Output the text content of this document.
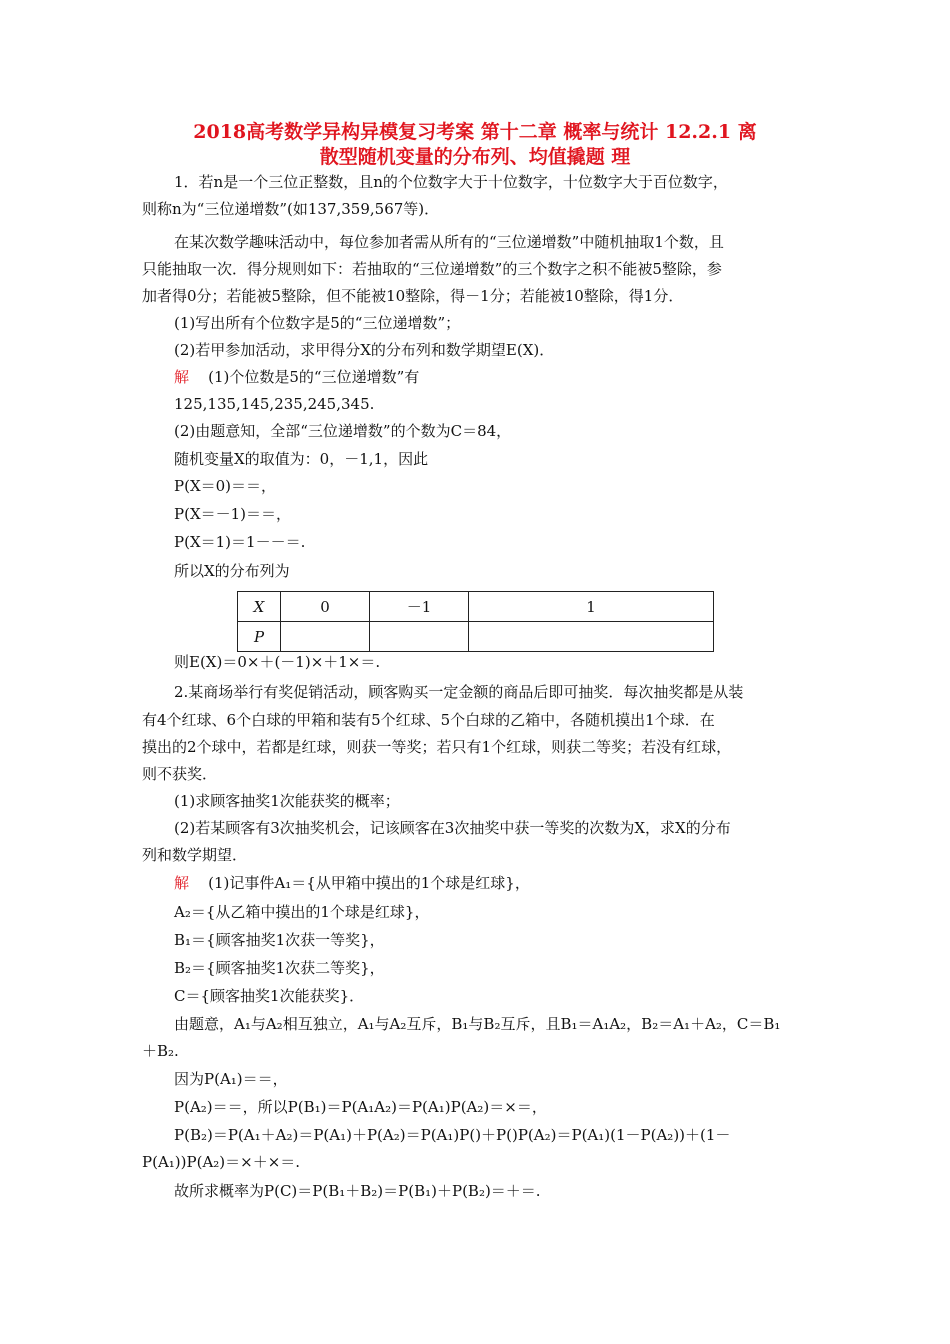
2018高考数学异构异模复习考案 第十二章 概率与统计 12.2.1 离
散型随机变量的分布列、均值撬题 理
1．若n是一个三位正整数，且n的个位数字大于十位数字，十位数字大于百位数字，
则称n为“三位递增数”(如137,359,567等)．
在某次数学趣味活动中，每位参加者需从所有的“三位递增数”中随机抽取1个数，且
只能抽取一次．得分规则如下：若抽取的“三位递增数”的三个数字之积不能被5整除，参
加者得0分；若能被5整除，但不能被10整除，得－1分；若能被10整除，得1分．
(1)写出所有个位数字是5的“三位递增数”；
(2)若甲参加活动，求甲得分X的分布列和数学期望E(X)．
解 (1)个位数是5的“三位递增数”有
125,135,145,235,245,345.
(2)由题意知，全部“三位递增数”的个数为C＝84，
随机变量X的取值为：0，－1,1，因此
P(X＝0)＝＝，
P(X＝－1)＝＝，
P(X＝1)＝1－－＝.
所以X的分布列为
X	0	－1	1
P			
则E(X)＝0×＋(－1)×＋1×＝.
2.某商场举行有奖促销活动，顾客购买一定金额的商品后即可抽奖．每次抽奖都是从装
有4个红球、6个白球的甲箱和装有5个红球、5个白球的乙箱中，各随机摸出1个球．在
摸出的2个球中，若都是红球，则获一等奖；若只有1个红球，则获二等奖；若没有红球，
则不获奖．
(1)求顾客抽奖1次能获奖的概率；
(2)若某顾客有3次抽奖机会，记该顾客在3次抽奖中获一等奖的次数为X，求X的分布
列和数学期望．
解 (1)记事件A₁＝{从甲箱中摸出的1个球是红球}，
A₂＝{从乙箱中摸出的1个球是红球}，
B₁＝{顾客抽奖1次获一等奖}，
B₂＝{顾客抽奖1次获二等奖}，
C＝{顾客抽奖1次能获奖}．
由题意，A₁与A₂相互独立，A₁与A₂互斥，B₁与B₂互斥，且B₁＝A₁A₂，B₂＝A₁＋A₂，C＝B₁
＋B₂.
因为P(A₁)＝＝，
P(A₂)＝＝，所以P(B₁)＝P(A₁A₂)＝P(A₁)P(A₂)＝×＝，
P(B₂)＝P(A₁＋A₂)＝P(A₁)＋P(A₂)＝P(A₁)P()＋P()P(A₂)＝P(A₁)(1－P(A₂))＋(1－
P(A₁))P(A₂)＝×＋×＝.
故所求概率为P(C)＝P(B₁＋B₂)＝P(B₁)＋P(B₂)＝＋＝.
